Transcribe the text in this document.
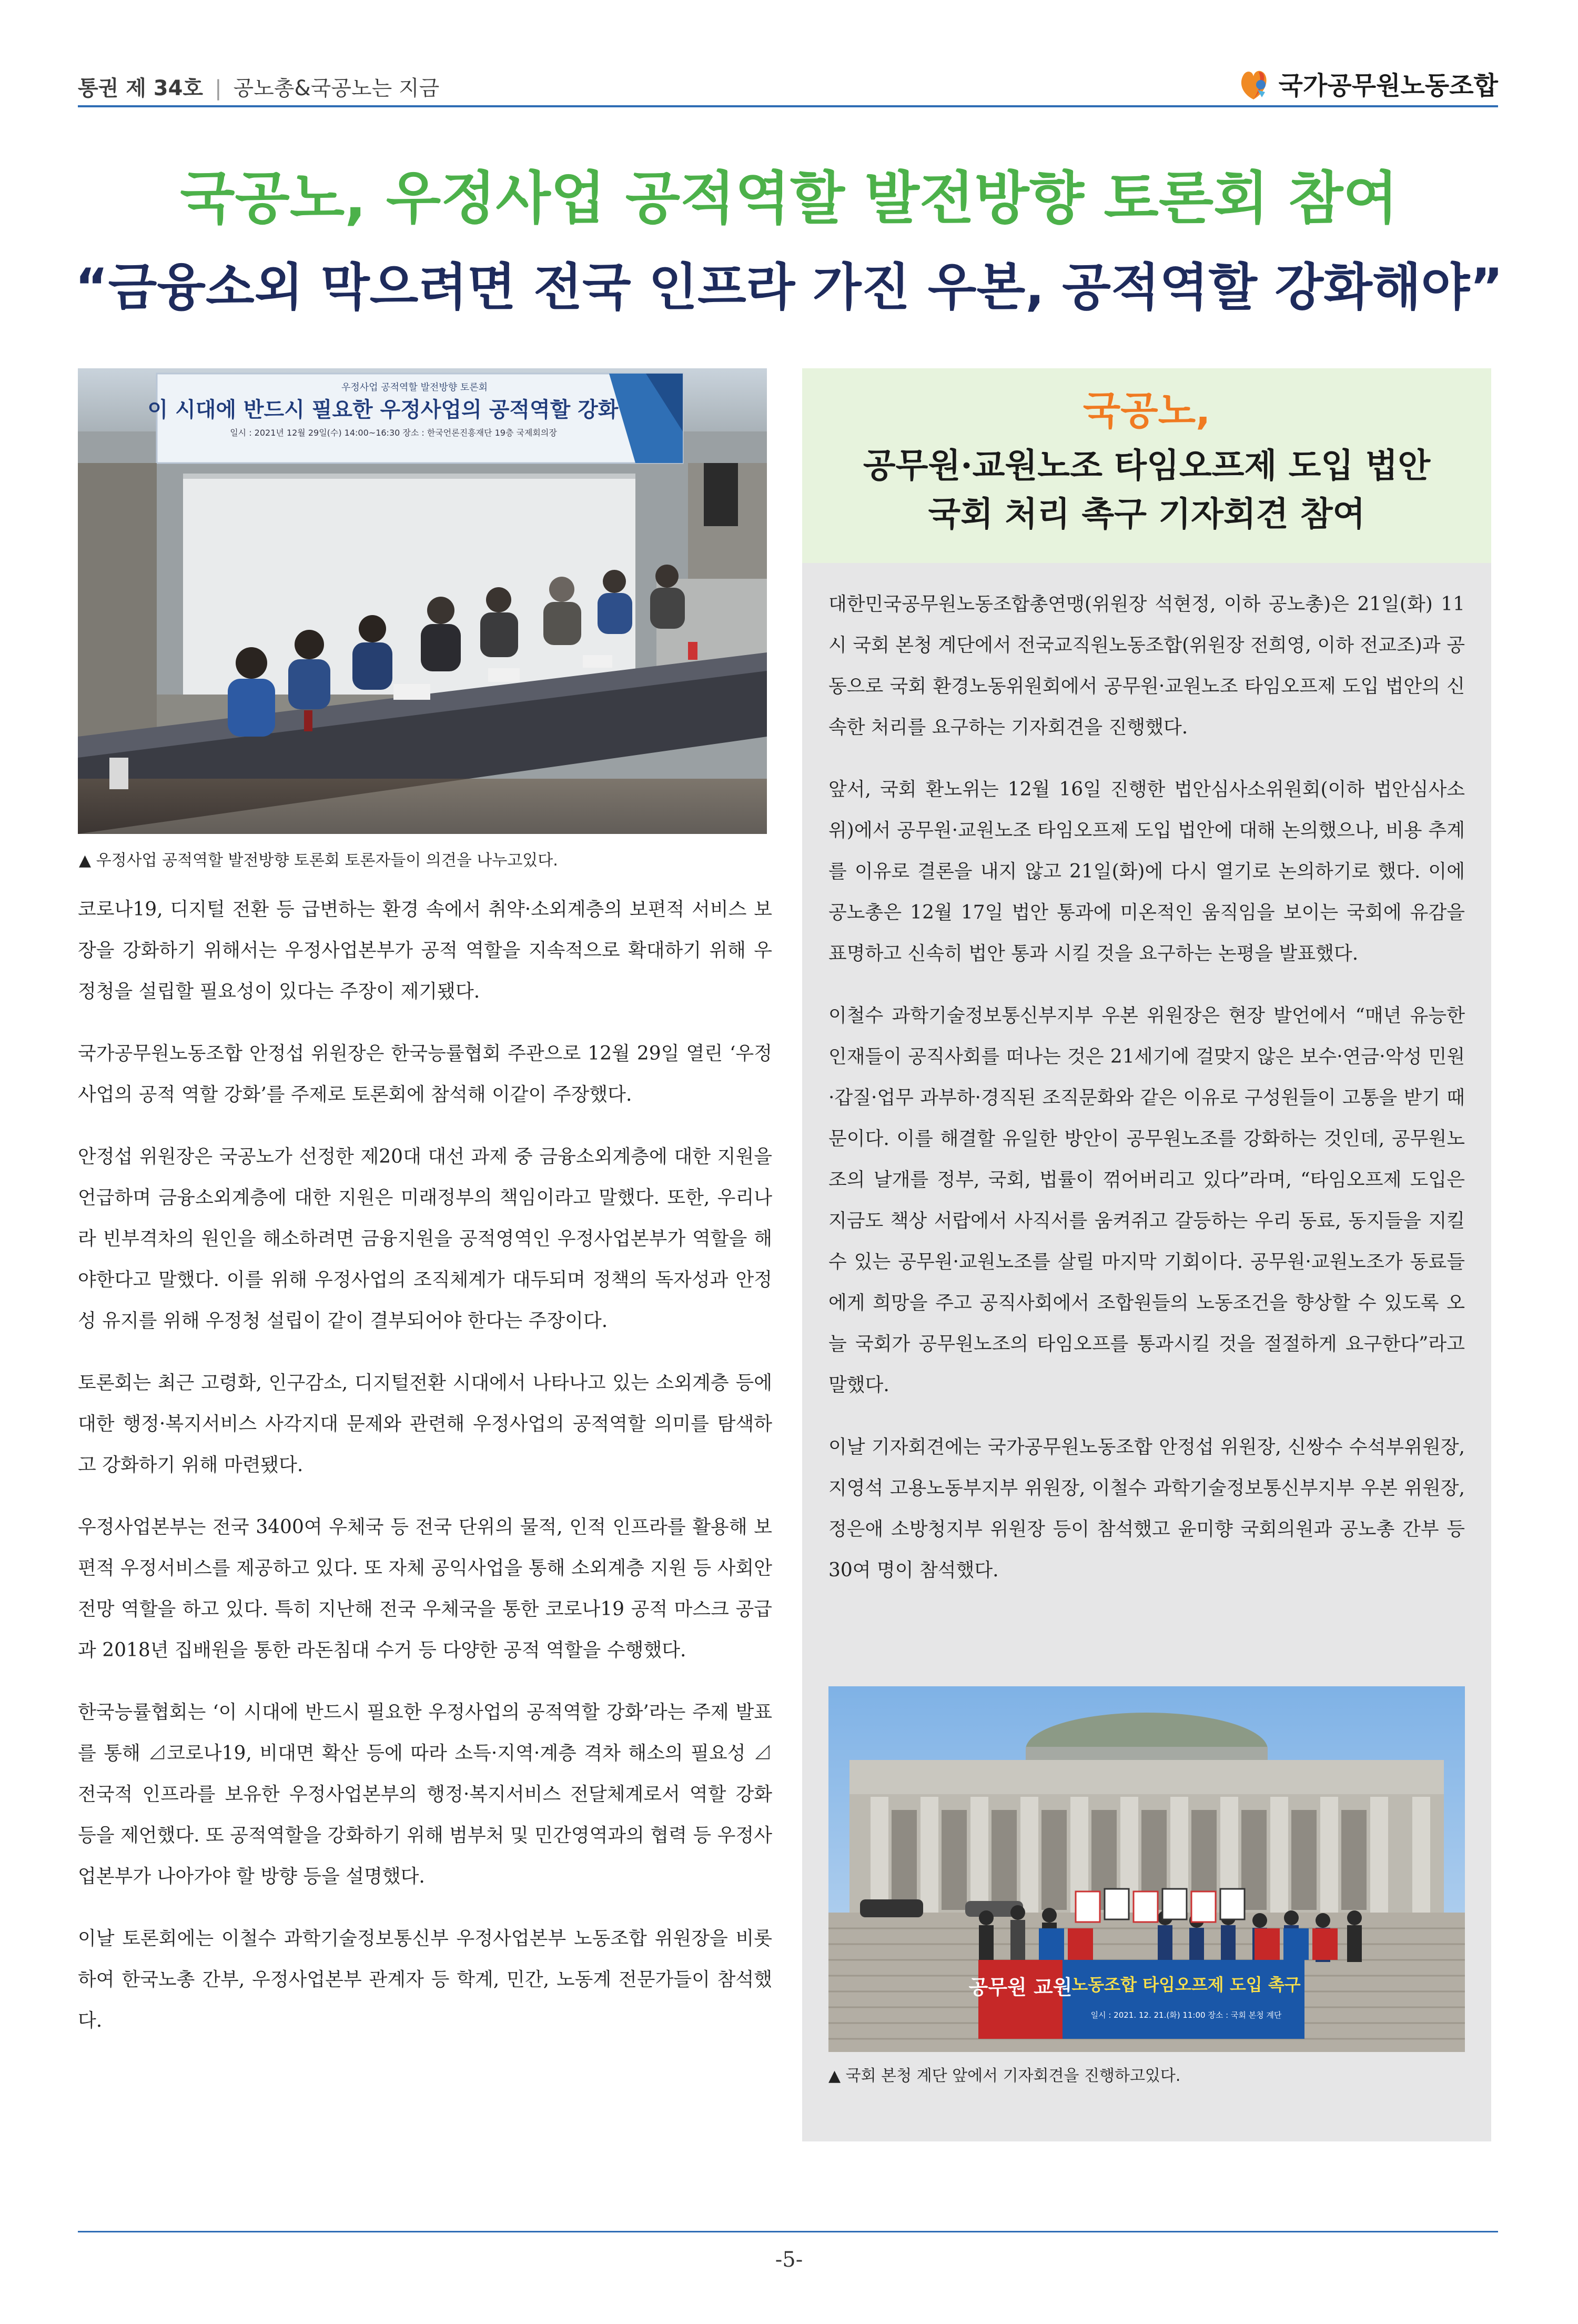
통권 제 34호 | 공노총&국공노는 지금	국가공무원노동조합
국공노, 우정사업 공적역할 발전방향 토론회 참여
“금융소외 막으려면 전국 인프라 가진 우본, 공적역할 강화해야”
우정사업 공적역할 발전방향 토론회
이 시대에 반드시 필요한 우정사업의 공적역할 강화
일시 : 2021년 12월 29일(수) 14:00~16:30 장소 : 한국언론진흥재단 19층 국제회의장
▲ 우정사업 공적역할 발전방향 토론회 토론자들이 의견을 나누고있다.

코로나19, 디지털 전환 등 급변하는 환경 속에서 취약·소외계층의 보편적 서비스 보장을 강화하기 위해서는 우정사업본부가 공적 역할을 지속적으로 확대하기 위해 우정청을 설립할 필요성이 있다는 주장이 제기됐다.

국가공무원노동조합 안정섭 위원장은 한국능률협회 주관으로 12월 29일 열린 ‘우정사업의 공적 역할 강화’를 주제로 토론회에 참석해 이같이 주장했다.

안정섭 위원장은 국공노가 선정한 제20대 대선 과제 중 금융소외계층에 대한 지원을 언급하며 금융소외계층에 대한 지원은 미래정부의 책임이라고 말했다. 또한, 우리나라 빈부격차의 원인을 해소하려면 금융지원을 공적영역인 우정사업본부가 역할을 해야한다고 말했다. 이를 위해 우정사업의 조직체계가 대두되며 정책의 독자성과 안정성 유지를 위해 우정청 설립이 같이 결부되어야 한다는 주장이다.

토론회는 최근 고령화, 인구감소, 디지털전환 시대에서 나타나고 있는 소외계층 등에 대한 행정·복지서비스 사각지대 문제와 관련해 우정사업의 공적역할 의미를 탐색하고 강화하기 위해 마련됐다.

우정사업본부는 전국 3400여 우체국 등 전국 단위의 물적, 인적 인프라를 활용해 보편적 우정서비스를 제공하고 있다. 또 자체 공익사업을 통해 소외계층 지원 등 사회안전망 역할을 하고 있다. 특히 지난해 전국 우체국을 통한 코로나19 공적 마스크 공급과 2018년 집배원을 통한 라돈침대 수거 등 다양한 공적 역할을 수행했다.

한국능률협회는 ‘이 시대에 반드시 필요한 우정사업의 공적역할 강화’라는 주제 발표를 통해 ⊿코로나19, 비대면 확산 등에 따라 소득·지역·계층 격차 해소의 필요성 ⊿전국적 인프라를 보유한 우정사업본부의 행정·복지서비스 전달체계로서 역할 강화 등을 제언했다. 또 공적역할을 강화하기 위해 범부처 및 민간영역과의 협력 등 우정사업본부가 나아가야 할 방향 등을 설명했다.

이날 토론회에는 이철수 과학기술정보통신부 우정사업본부 노동조합 위원장을 비롯하여 한국노총 간부, 우정사업본부 관계자 등 학계, 민간, 노동계 전문가들이 참석했다.

국공노,
공무원·교원노조 타임오프제 도입 법안
국회 처리 촉구 기자회견 참여

대한민국공무원노동조합총연맹(위원장 석현정, 이하 공노총)은 21일(화) 11시 국회 본청 계단에서 전국교직원노동조합(위원장 전희영, 이하 전교조)과 공동으로 국회 환경노동위원회에서 공무원·교원노조 타임오프제 도입 법안의 신속한 처리를 요구하는 기자회견을 진행했다.

앞서, 국회 환노위는 12월 16일 진행한 법안심사소위원회(이하 법안심사소위)에서 공무원·교원노조 타임오프제 도입 법안에 대해 논의했으나, 비용 추계를 이유로 결론을 내지 않고 21일(화)에 다시 열기로 논의하기로 했다. 이에 공노총은 12월 17일 법안 통과에 미온적인 움직임을 보이는 국회에 유감을 표명하고 신속히 법안 통과 시킬 것을 요구하는 논평을 발표했다.

이철수 과학기술정보통신부지부 우본 위원장은 현장 발언에서 “매년 유능한 인재들이 공직사회를 떠나는 것은 21세기에 걸맞지 않은 보수·연금·악성 민원·갑질·업무 과부하·경직된 조직문화와 같은 이유로 구성원들이 고통을 받기 때문이다. 이를 해결할 유일한 방안이 공무원노조를 강화하는 것인데, 공무원노조의 날개를 정부, 국회, 법률이 꺾어버리고 있다”라며, “타임오프제 도입은 지금도 책상 서랍에서 사직서를 움켜쥐고 갈등하는 우리 동료, 동지들을 지킬 수 있는 공무원·교원노조를 살릴 마지막 기회이다. 공무원·교원노조가 동료들에게 희망을 주고 공직사회에서 조합원들의 노동조건을 향상할 수 있도록 오늘 국회가 공무원노조의 타임오프를 통과시킬 것을 절절하게 요구한다”라고 말했다.

이날 기자회견에는 국가공무원노동조합 안정섭 위원장, 신쌍수 수석부위원장, 지영석 고용노동부지부 위원장, 이철수 과학기술정보통신부지부 우본 위원장, 정은애 소방청지부 위원장 등이 참석했고 윤미향 국회의원과 공노총 간부 등 30여 명이 참석했다.

공무원 교원
노동조합 타임오프제 도입 촉구
일시 : 2021. 12. 21.(화) 11:00 장소 : 국회 본청 계단
▲ 국회 본청 계단 앞에서 기자회견을 진행하고있다.
-5-
